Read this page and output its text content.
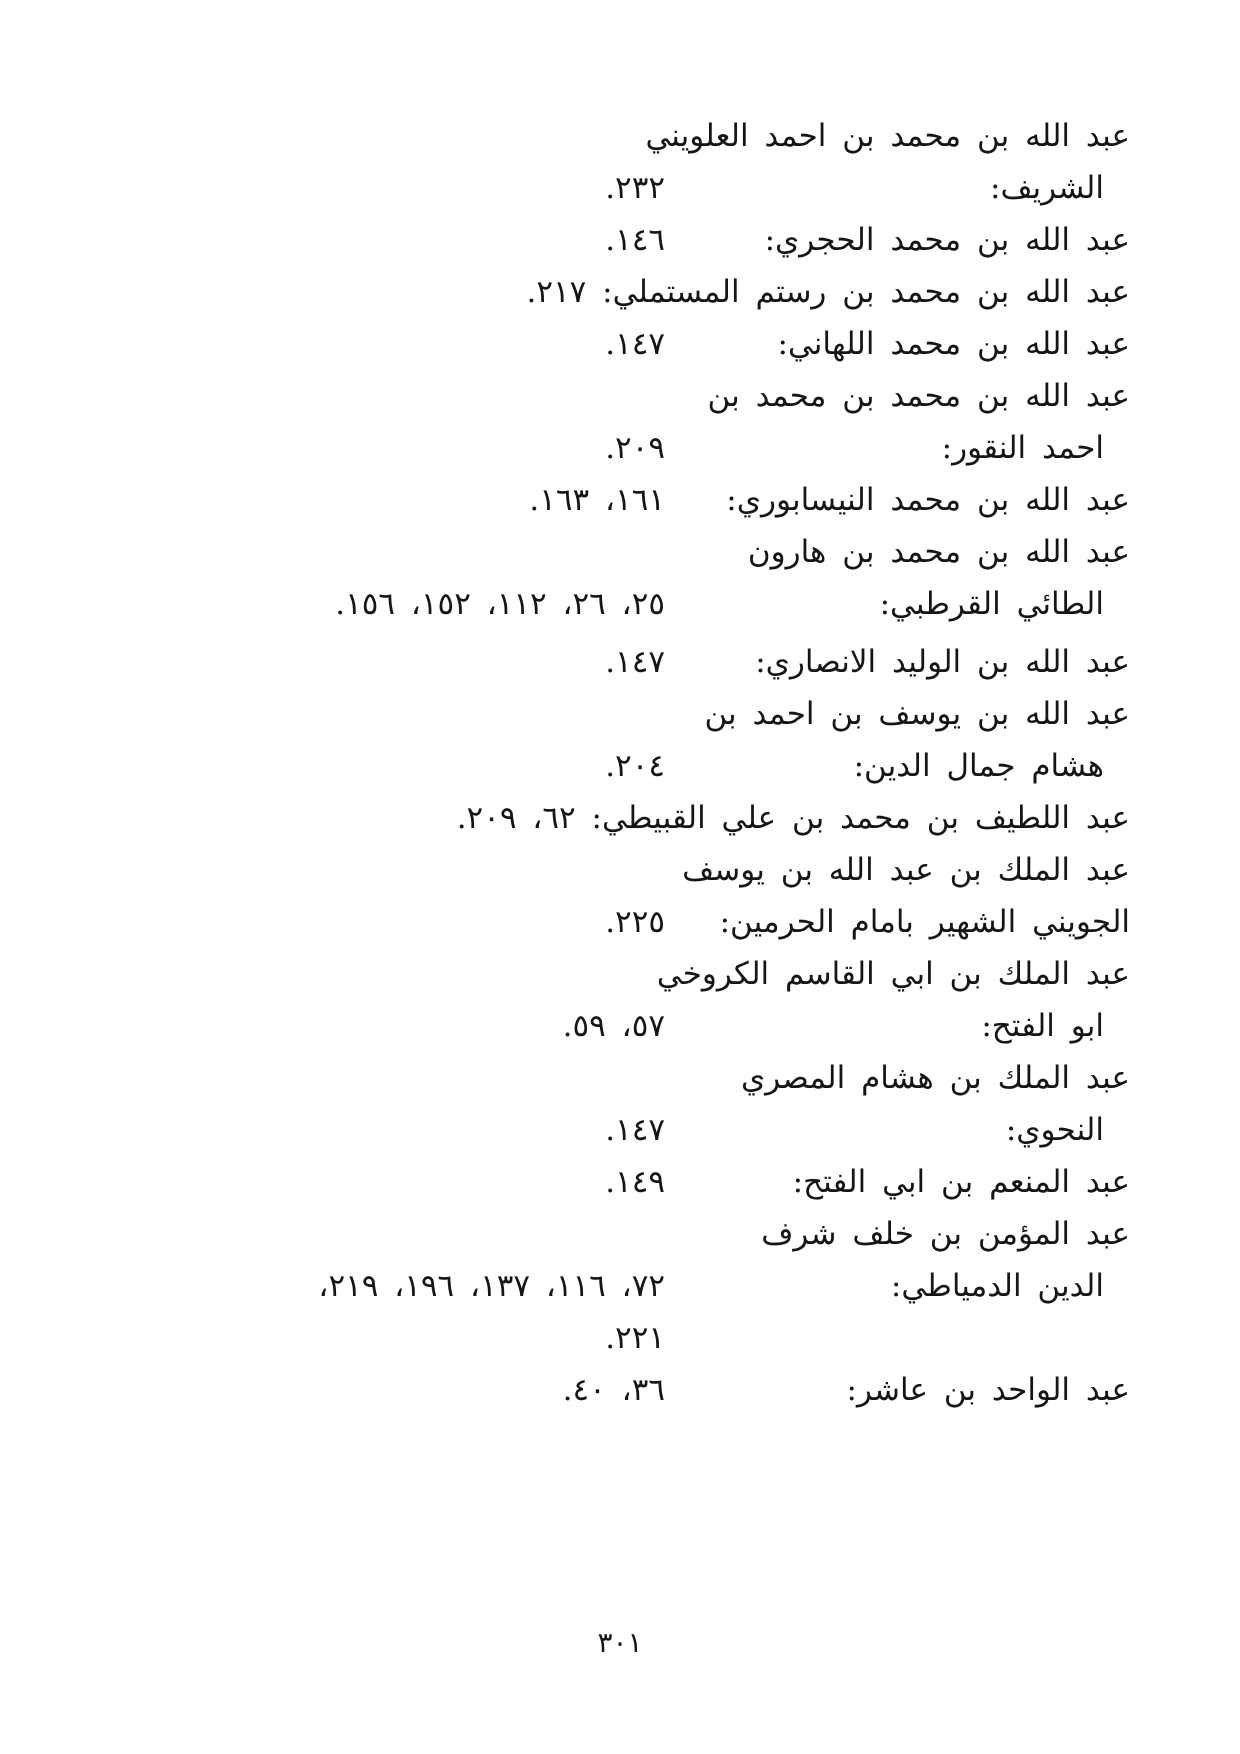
عبد الله بن محمد بن احمد العلويني
الشريف:
٢٣٢.
عبد الله بن محمد الحجري:
١٤٦.
عبد الله بن محمد بن رستم المستملي: ٢١٧.
عبد الله بن محمد اللهاني:
١٤٧.
عبد الله بن محمد بن محمد بن
احمد النقور:
٢٠٩.
عبد الله بن محمد النيسابوري:
١٦١، ١٦٣.
عبد الله بن محمد بن هارون
الطائي القرطبي:
٢٥، ٢٦، ١١٢، ١٥٢، ١٥٦.
عبد الله بن الوليد الانصاري:
١٤٧.
عبد الله بن يوسف بن احمد بن
هشام جمال الدين:
٢٠٤.
عبد اللطيف بن محمد بن علي القبيطي: ٦٢، ٢٠٩.
عبد الملك بن عبد الله بن يوسف
الجويني الشهير بامام الحرمين:
٢٢٥.
عبد الملك بن ابي القاسم الكروخي
ابو الفتح:
٥٧، ٥٩.
عبد الملك بن هشام المصري
النحوي:
١٤٧.
عبد المنعم بن ابي الفتح:
١٤٩.
عبد المؤمن بن خلف شرف
الدين الدمياطي:
٧٢، ١١٦، ١٣٧، ١٩٦، ٢١٩،
٢٢١.
عبد الواحد بن عاشر:
٣٦، ٤٠.
٣٠١
